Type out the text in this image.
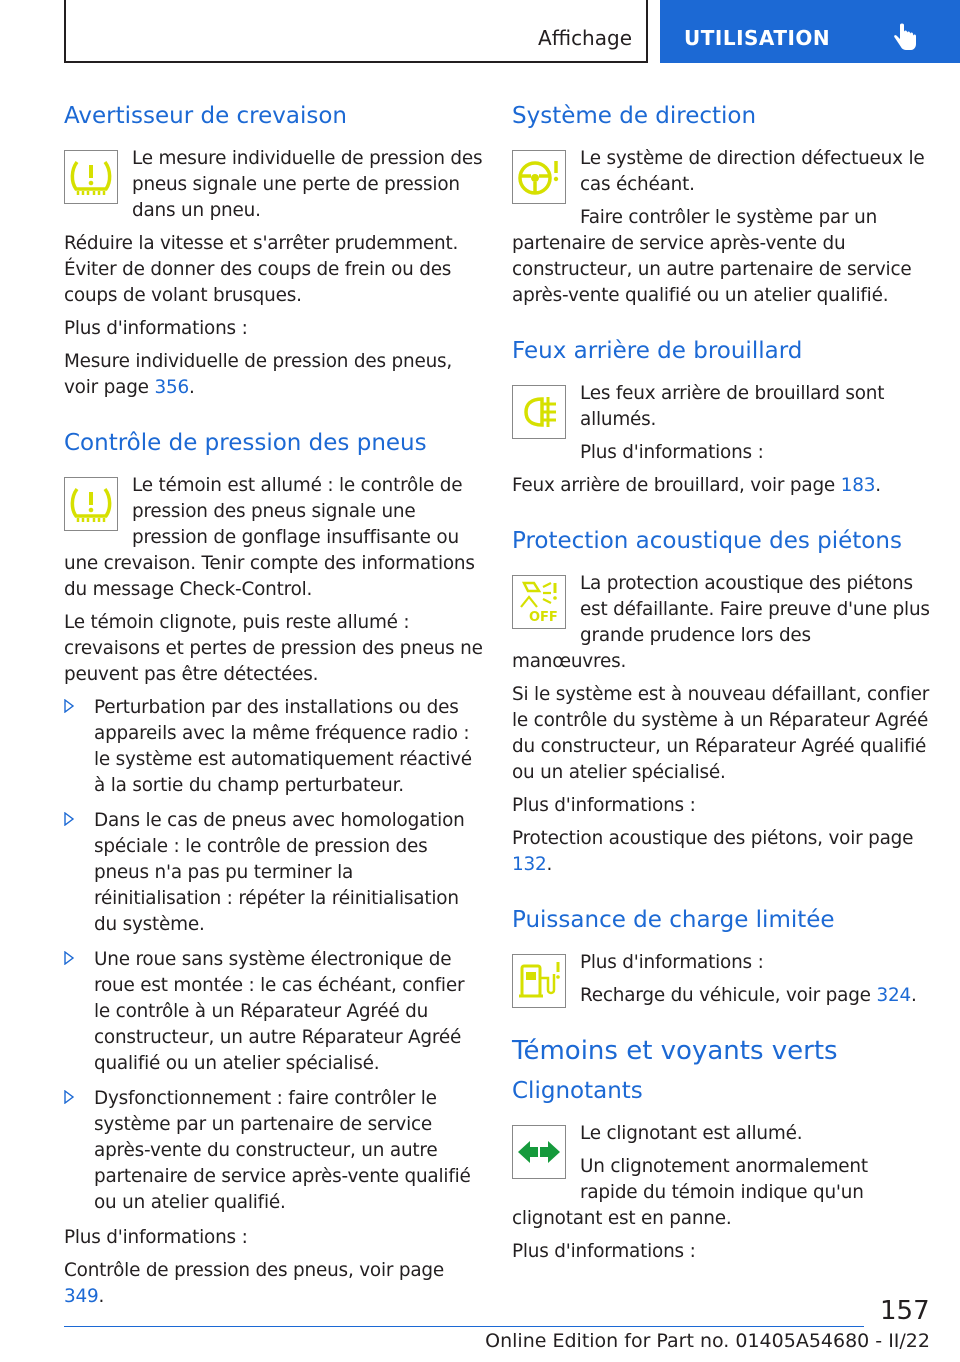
Affichage	UTILISATION
Avertisseur de crevaison

Le mesure individuelle de pression des pneus signale une perte de pression dans un pneu.

Réduire la vitesse et s'arrêter prudemment. Éviter de donner des coups de frein ou des coups de volant brusques.

Plus d'informations :

Mesure individuelle de pression des pneus, voir page 356.

Contrôle de pression des pneus

Le témoin est allumé : le contrôle de pression des pneus signale une pression de gonflage insuffisante ou une crevaison. Tenir compte des informations du message Check-Control.

Le témoin clignote, puis reste allumé : crevaisons et pertes de pression des pneus ne peuvent pas être détectées.

Perturbation par des installations ou des appareils avec la même fréquence radio : le système est automatiquement réactivé à la sortie du champ perturbateur.
Dans le cas de pneus avec homologation spéciale : le contrôle de pression des pneus n'a pas pu terminer la réinitialisation : répéter la réinitialisation du système.
Une roue sans système électronique de roue est montée : le cas échéant, confier le contrôle à un Réparateur Agréé du constructeur, un autre Réparateur Agréé qualifié ou un atelier spécialisé.
Dysfonctionnement : faire contrôler le système par un partenaire de service après-vente du constructeur, un autre partenaire de service après-vente qualifié ou un atelier qualifié.

Plus d'informations :

Contrôle de pression des pneus, voir page 349.

Système de direction

Le système de direction défectueux le cas échéant.

Faire contrôler le système par un partenaire de service après-vente du constructeur, un autre partenaire de service après-vente qualifié ou un atelier qualifié.

Feux arrière de brouillard

Les feux arrière de brouillard sont allumés.

Plus d'informations :

Feux arrière de brouillard, voir page 183.

Protection acoustique des piétons
OFF

La protection acoustique des piétons est défaillante. Faire preuve d'une plus grande prudence lors des manœuvres.

Si le système est à nouveau défaillant, confier le contrôle du système à un Réparateur Agréé du constructeur, un Réparateur Agréé qualifié ou un atelier spécialisé.

Plus d'informations :

Protection acoustique des piétons, voir page 132.

Puissance de charge limitée

Plus d'informations :

Recharge du véhicule, voir page 324.

Témoins et voyants verts
Clignotants

Le clignotant est allumé.

Un clignotement anormalement rapide du témoin indique qu'un clignotant est en panne.

Plus d'informations :

157
Online Edition for Part no. 01405A54680 - II/22
